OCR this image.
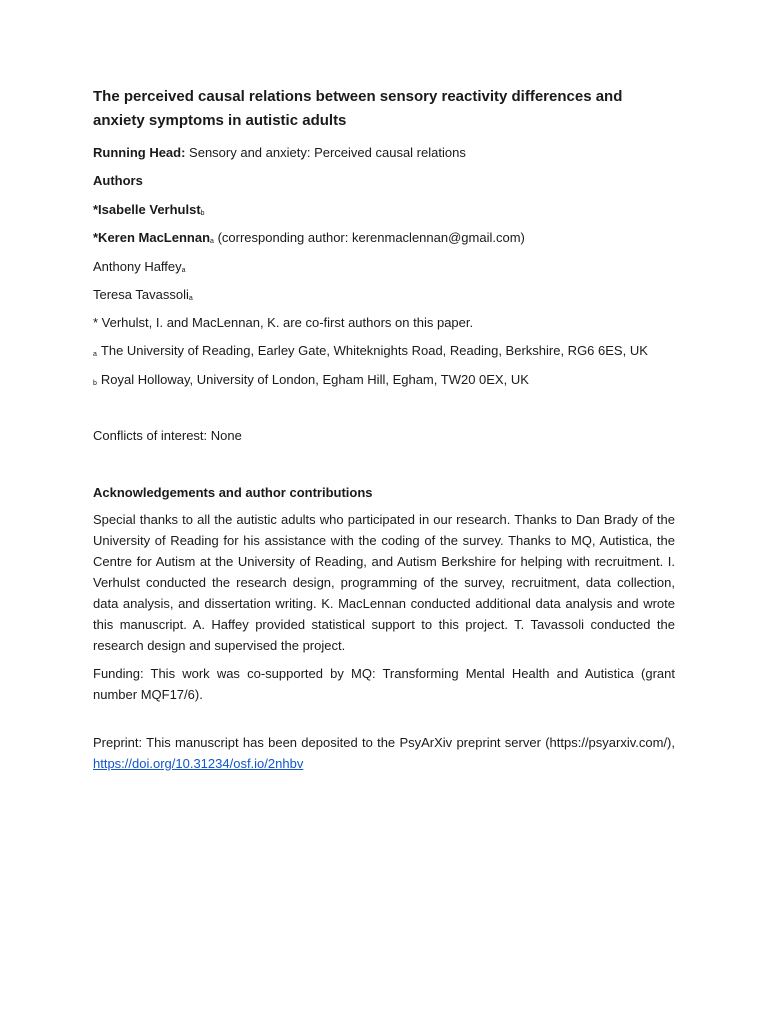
The perceived causal relations between sensory reactivity differences and anxiety symptoms in autistic adults
Running Head: Sensory and anxiety: Perceived causal relations
Authors
*Isabelle Verhulst$_b$
*Keren MacLennan$_a$ (corresponding author: kerenmaclennan@gmail.com)
Anthony Haffey$_a$
Teresa Tavassoli$_a$
* Verhulst, I. and MacLennan, K. are co-first authors on this paper.
$_a$ The University of Reading, Earley Gate, Whiteknights Road, Reading, Berkshire, RG6 6ES, UK
$_b$ Royal Holloway, University of London, Egham Hill, Egham, TW20 0EX, UK
Conflicts of interest: None
Acknowledgements and author contributions

Special thanks to all the autistic adults who participated in our research. Thanks to Dan Brady of the University of Reading for his assistance with the coding of the survey. Thanks to MQ, Autistica, the Centre for Autism at the University of Reading, and Autism Berkshire for helping with recruitment. I. Verhulst conducted the research design, programming of the survey, recruitment, data collection, data analysis, and dissertation writing. K. MacLennan conducted additional data analysis and wrote this manuscript. A. Haffey provided statistical support to this project. T. Tavassoli conducted the research design and supervised the project.

Funding: This work was co-supported by MQ: Transforming Mental Health and Autistica (grant number MQF17/6).

Preprint: This manuscript has been deposited to the PsyArXiv preprint server (https://psyarxiv.com/), https://doi.org/10.31234/osf.io/2nhbv
